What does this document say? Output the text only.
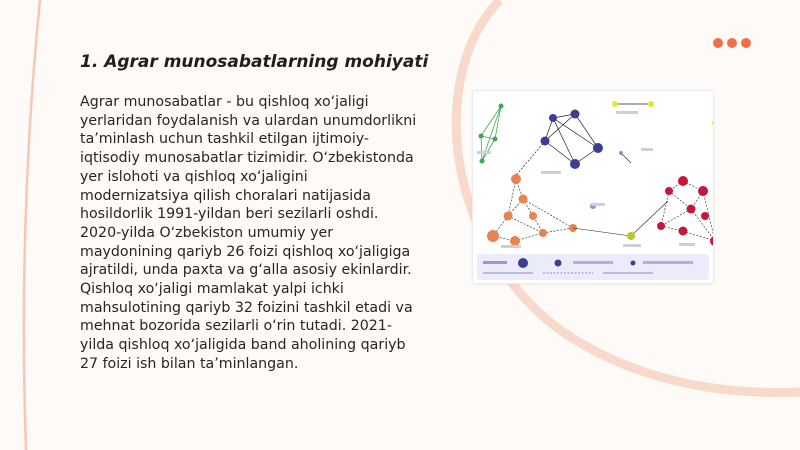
1. Agrar munosabatlarning mohiyati

Agrar munosabatlar - bu qishloq xo‘jaligi yerlaridan foydalanish va ulardan unumdorlikni ta’minlash uchun tashkil etilgan ijtimoiy-iqtisodiy munosabatlar tizimidir. O‘zbekistonda yer islohoti va qishloq xo‘jaligini modernizatsiya qilish choralari natijasida hosildorlik 1991-yildan beri sezilarli oshdi. 2020-yilda O‘zbekiston umumiy yer maydonining qariyb 26 foizi qishloq xo‘jaligiga ajratildi, unda paxta va g‘alla asosiy ekinlardir. Qishloq xo‘jaligi mamlakat yalpi ichki mahsulotining qariyb 32 foizini tashkil etadi va mehnat bozorida sezilarli o‘rin tutadi. 2021-yilda qishloq xo‘jaligida band aholining qariyb 27 foizi ish bilan ta’minlangan.
